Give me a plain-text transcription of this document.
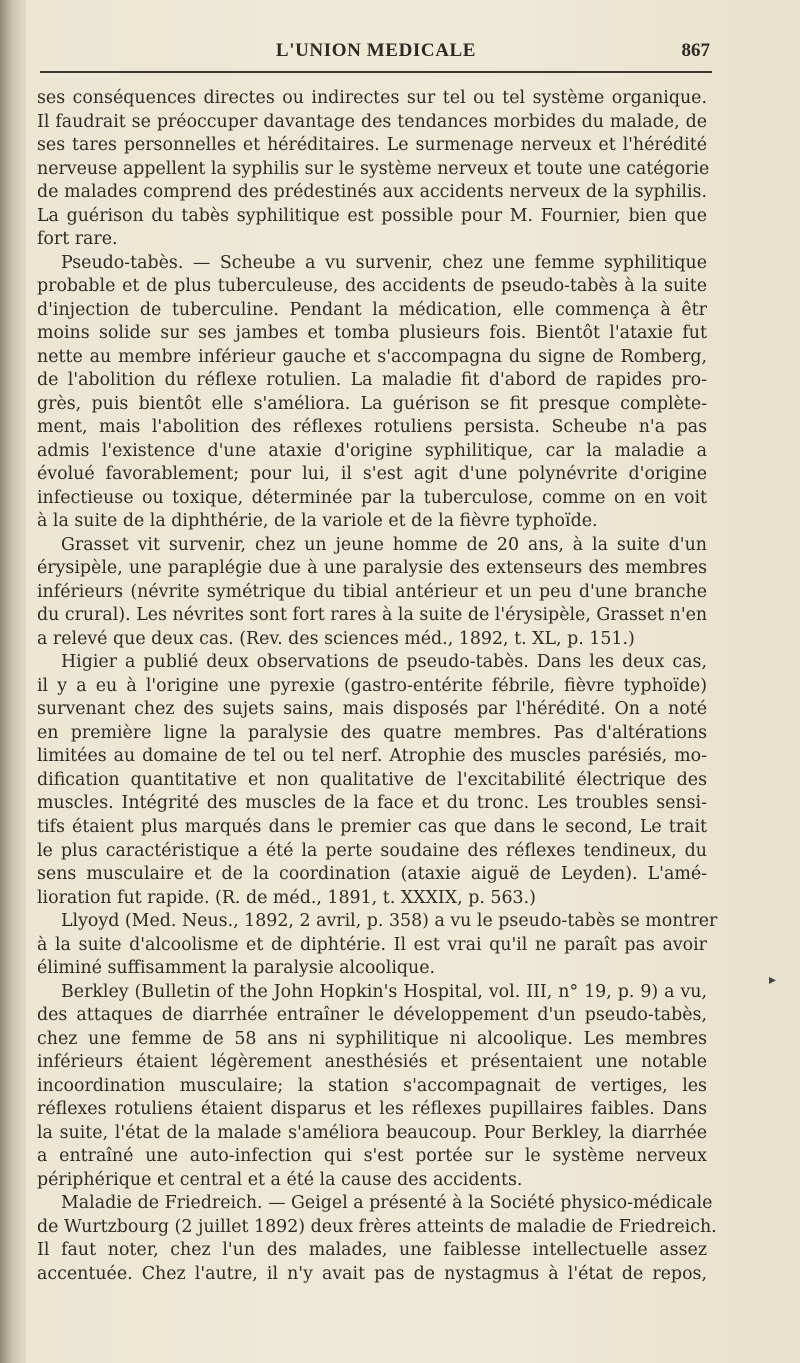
L'UNION MEDICALE	867
ses conséquences directes ou indirectes sur tel ou tel système organique.
Il faudrait se préoccuper davantage des tendances morbides du malade, de
ses tares personnelles et héréditaires. Le surmenage nerveux et l'hérédité
nerveuse appellent la syphilis sur le système nerveux et toute une catégorie
de malades comprend des prédestinés aux accidents nerveux de la syphilis.
La guérison du tabès syphilitique est possible pour M. Fournier, bien que
fort rare.
Pseudo-tabès. — Scheube a vu survenir, chez une femme syphilitique
probable et de plus tuberculeuse, des accidents de pseudo-tabès à la suite
d'injection de tuberculine. Pendant la médication, elle commença à êtr
moins solide sur ses jambes et tomba plusieurs fois. Bientôt l'ataxie fut
nette au membre inférieur gauche et s'accompagna du signe de Romberg,
de l'abolition du réflexe rotulien. La maladie fit d'abord de rapides pro-
grès, puis bientôt elle s'améliora. La guérison se fit presque complète-
ment, mais l'abolition des réflexes rotuliens persista. Scheube n'a pas
admis l'existence d'une ataxie d'origine syphilitique, car la maladie a
évolué favorablement; pour lui, il s'est agit d'une polynévrite d'origine
infectieuse ou toxique, déterminée par la tuberculose, comme on en voit
à la suite de la diphthérie, de la variole et de la fièvre typhoïde.
Grasset vit survenir, chez un jeune homme de 20 ans, à la suite d'un
érysipèle, une paraplégie due à une paralysie des extenseurs des membres
inférieurs (névrite symétrique du tibial antérieur et un peu d'une branche
du crural). Les névrites sont fort rares à la suite de l'érysipèle, Grasset n'en
a relevé que deux cas. (Rev. des sciences méd., 1892, t. XL, p. 151.)
Higier a publié deux observations de pseudo-tabès. Dans les deux cas,
il y a eu à l'origine une pyrexie (gastro-entérite fébrile, fièvre typhoïde)
survenant chez des sujets sains, mais disposés par l'hérédité. On a noté
en première ligne la paralysie des quatre membres. Pas d'altérations
limitées au domaine de tel ou tel nerf. Atrophie des muscles parésiés, mo-
dification quantitative et non qualitative de l'excitabilité électrique des
muscles. Intégrité des muscles de la face et du tronc. Les troubles sensi-
tifs étaient plus marqués dans le premier cas que dans le second, Le trait
le plus caractéristique a été la perte soudaine des réflexes tendineux, du
sens musculaire et de la coordination (ataxie aiguë de Leyden). L'amé-
lioration fut rapide. (R. de méd., 1891, t. XXXIX, p. 563.)
Llyoyd (Med. Neus., 1892, 2 avril, p. 358) a vu le pseudo-tabès se montrer
à la suite d'alcoolisme et de diphtérie. Il est vrai qu'il ne paraît pas avoir
éliminé suffisamment la paralysie alcoolique.
Berkley (Bulletin of the John Hopkin's Hospital, vol. III, n° 19, p. 9) a vu,
des attaques de diarrhée entraîner le développement d'un pseudo-tabès,
chez une femme de 58 ans ni syphilitique ni alcoolique. Les membres
inférieurs étaient légèrement anesthésiés et présentaient une notable
incoordination musculaire; la station s'accompagnait de vertiges, les
réflexes rotuliens étaient disparus et les réflexes pupillaires faibles. Dans
la suite, l'état de la malade s'améliora beaucoup. Pour Berkley, la diarrhée
a entraîné une auto-infection qui s'est portée sur le système nerveux
périphérique et central et a été la cause des accidents.
Maladie de Friedreich. — Geigel a présenté à la Société physico-médicale
de Wurtzbourg (2 juillet 1892) deux frères atteints de maladie de Friedreich.
Il faut noter, chez l'un des malades, une faiblesse intellectuelle assez
accentuée. Chez l'autre, il n'y avait pas de nystagmus à l'état de repos,
▸
